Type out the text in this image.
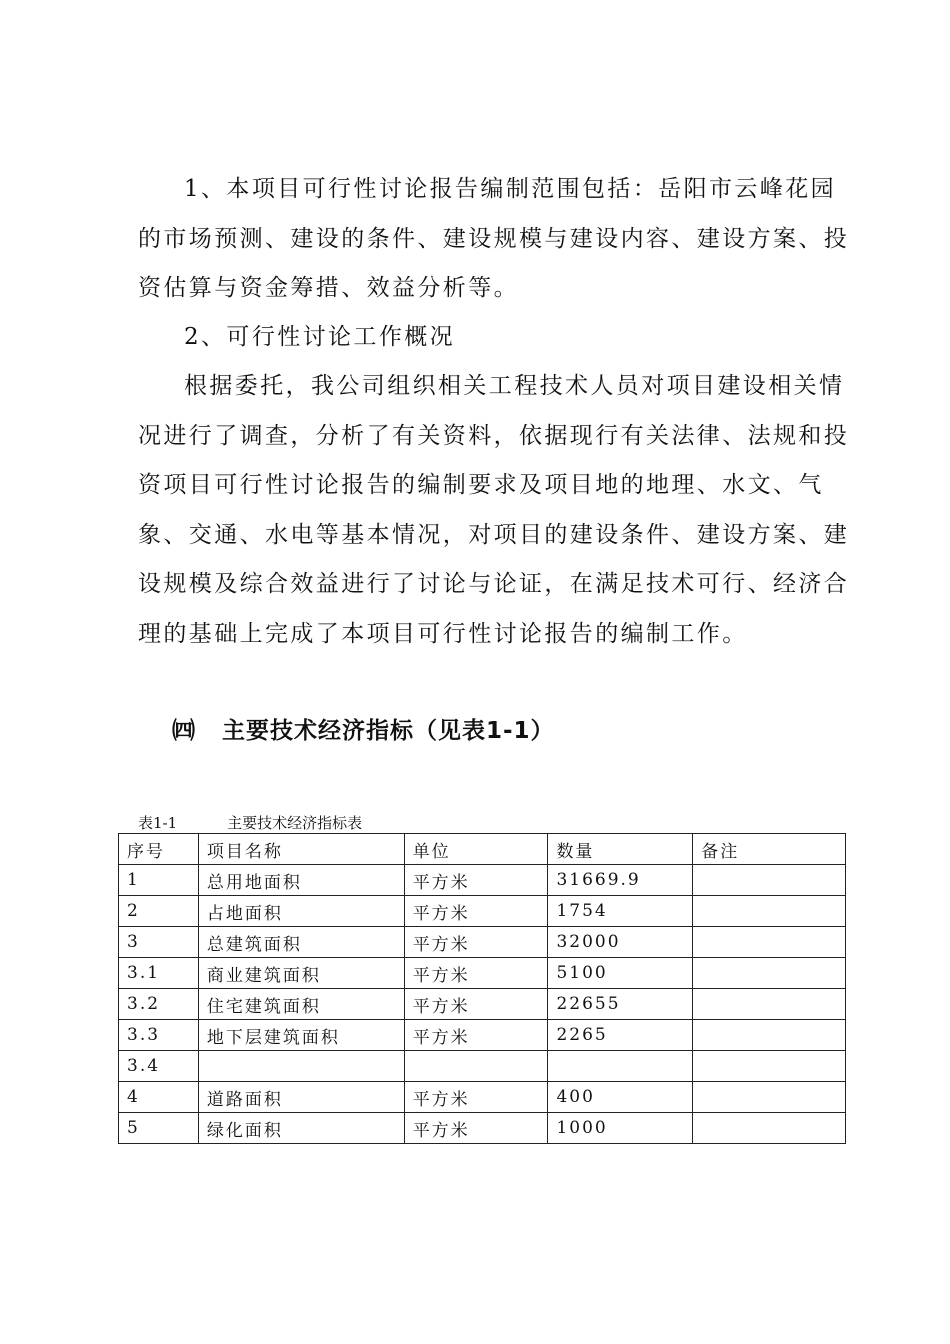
1、本项目可行性讨论报告编制范围包括：岳阳市云峰花园的市场预测、建设的条件、建设规模与建设内容、建设方案、投资估算与资金筹措、效益分析等。

2、可行性讨论工作概况

根据委托，我公司组织相关工程技术人员对项目建设相关情况进行了调查，分析了有关资料，依据现行有关法律、法规和投资项目可行性讨论报告的编制要求及项目地的地理、水文、气象、交通、水电等基本情况，对项目的建设条件、建设方案、建设规模及综合效益进行了讨论与论证，在满足技术可行、经济合理的基础上完成了本项目可行性讨论报告的编制工作。

㈣ 主要技术经济指标（见表1-1）
表1-1	主要技术经济指标表
序号	项目名称	单位	数量	备注
1	总用地面积	平方米	31669.9	
2	占地面积	平方米	1754	
3	总建筑面积	平方米	32000	
3.1	商业建筑面积	平方米	5100	
3.2	住宅建筑面积	平方米	22655	
3.3	地下层建筑面积	平方米	2265	
3.4				
4	道路面积	平方米	400	
5	绿化面积	平方米	1000	
